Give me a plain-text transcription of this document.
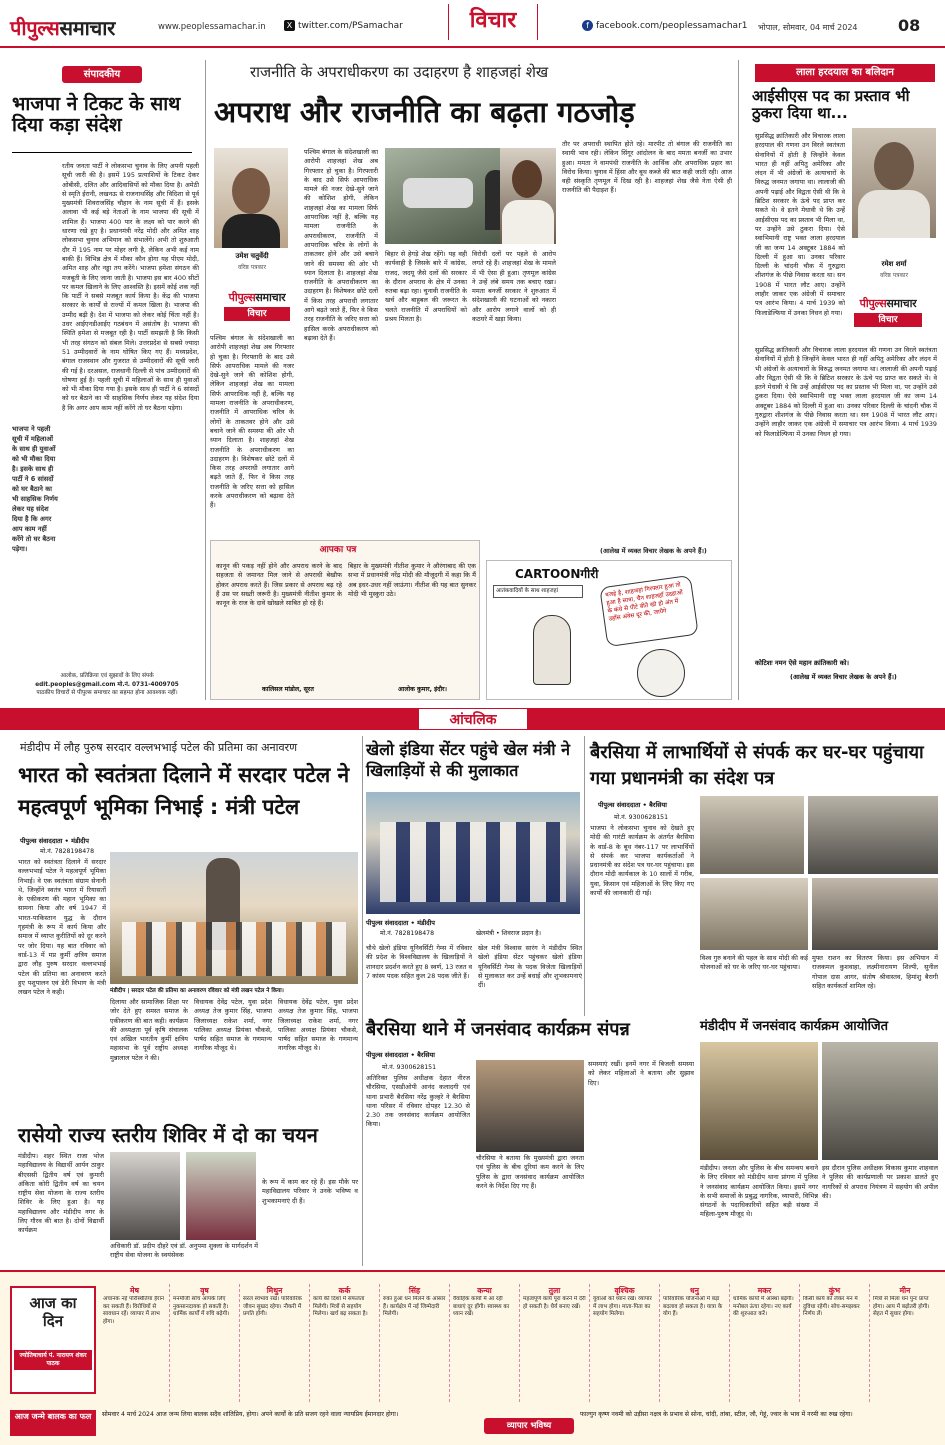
पीपुल्ससमाचार	www.peoplessamachar.in	X twitter.com/PSamachar	विचार	f facebook.com/peoplessamachar1 भोपाल, सोमवार, 04 मार्च 2024	08
संपादकीय
भाजपा ने टिकट के साथ दिया कड़ा संदेश
भाजपा ने पहली सूची में महिलाओं के साथ ही युवाओं को भी मौका दिया है। इसके साथ ही पार्टी ने 6 सांसदों को घर बैठाने का भी साहसिक निर्णय लेकर यह संदेश दिया है कि अगर आप काम नहीं करेंगे तो घर बैठना पड़ेगा।
रतीय जनता पार्टी ने लोकसभा चुनाव के लिए अपनी पहली सूची जारी की है। इसमें 195 प्रत्याशियों के टिकट देकर ओबीसी, दलित और आदिवासियों को मौका दिया है। अमेठी से स्मृति ईरानी, लखनऊ से राजनाथसिंह और विदिशा से पूर्व मुख्यमंत्री शिवराजसिंह चौहान के नाम सूची में हैं। इसके अलावा भी कई बड़े नेताओं के नाम भाजपा की सूची में शामिल हैं। भाजपा 400 पार के लक्ष्य को पार करने की धारणा रखे हुए है। प्रधानमंत्री नरेंद्र मोदी और अमित शाह लोकसभा चुनाव अभियान को संभालेंगे। अभी तो शुरुआती दौर में 195 नाम पर मोहर लगी है, लेकिन अभी कई नाम बाकी हैं। विभिन्न क्षेत्र में मौका कौन होगा यह पीएम मोदी, अमित शाह और नड्डा तय करेंगे। भाजपा हमेशा संगठन की मजबूती के लिए जाना जाती है। भाजपा इस बार 400 सीटों पर कमल खिलाने के लिए आश्वस्ति है। इसमें कोई शक नहीं कि पार्टी ने सबसे मजबूत कार्य किया है। केंद्र की भाजपा सरकार के कार्यों से राज्यों में कमल खिला है। भाजपा की उम्मीद बढ़ी है। देश में भाजपा को लेकर कोई चिंता नहीं है। उधर आईएनडीआईए गठबंधन में असंतोष है। भाजपा की स्थिति हमेशा से मजबूत रही है। पार्टी समझती है कि किसी भी तरह संगठन को संबल मिले। उत्तरप्रदेश से सबसे ज्यादा 51 उम्मीदवारों के नाम घोषित किए गए हैं। मध्यप्रदेश, बंगाल राजस्थान और गुजरात से उम्मीदवारों की सूची जारी की गई है। दरअसल, राजधानी दिल्ली से पांच उम्मीदवारों की घोषणा हुई है। पहली सूची में महिलाओं के साथ ही युवाओं को भी मौका दिया गया है। इसके साथ ही पार्टी ने 6 सांसदों को घर बैठाने का भी साहसिक निर्णय लेकर यह संदेश दिया है कि अगर आप काम नहीं करेंगे तो घर बैठना पड़ेगा।
आलोक, प्रतिक्रिया एवं सुझावों के लिए संपर्क
edit.peoples@gmail.com मो.नं. 0731-4009705
पाठकीय विचारों से पीपुल्स समाचार का सहमत होना आवश्यक नहीं।
राजनीति के अपराधीकरण का उदाहरण है शाहजहां शेख
अपराध और राजनीति का बढ़ता गठजोड़
उमेश चतुर्वेदी
वरिष्ठ पत्रकार
पीपुल्ससमाचार
विचार
पश्चिम बंगाल के संदेशखाली का आरोपी शाहजहां शेख अब गिरफ्तार हो चुका है। गिरफ्तारी के बाद उसे सिर्फ आपराधिक मामले की नजर देखे-सुने जाने की कोशिश होगी, लेकिन शाहजहां शेख का मामला सिर्फ आपराधिक नहीं है, बल्कि यह मामला राजनीति के अपराधीकरण, राजनीति में आपराधिक चरित्र के लोगों के ताकतवर होने और उसे बचाने जाने की समस्या की ओर भी ध्यान दिलाता है। शाहजहां शेख राजनीति के अपराधीकरण का उदाहरण है। विशेषकर छोटे दलों में किस तरह अपराधी लगातार आगे बढ़ते जाते हैं, फिर वे किस तरह राजनीति के जरिए सत्ता को हासिल करके अपराधीकरण को बढ़ावा देते हैं।
बिहार से हेगड़े शेख रहेंगे। यह वही कार्यवाही है जिसके बारे में कांग्रेस, राजद, जदयू जैसे दलों की सरकार के दौरान अपराध के क्षेत्र में उनका रुतबा बढ़ा रहा। चुनावी राजनीति के खर्च और बाहुबल की जरूरत के चलते राजनीति में अपराधियों को प्रश्रय मिलता है।
विरोधी दलों पर पहले से आरोप लगते रहे हैं। शाहजहां शेख के मामले में भी ऐसा ही हुआ। तृणमूल कांग्रेस ने उन्हें लंबे समय तक बचाए रखा। ममता बनर्जी सरकार ने शुरुआत में संदेशखाली की घटनाओं को नकारा और आरोप लगाने वालों को ही कठघरे में खड़ा किया।
पश्चिम बंगाल के संदेशखाली का आरोपी शाहजहां शेख अब गिरफ्तार हो चुका है। गिरफ्तारी के बाद उसे सिर्फ आपराधिक मामले की नजर देखे-सुने जाने की कोशिश होगी, लेकिन शाहजहां शेख का मामला सिर्फ आपराधिक नहीं है, बल्कि यह मामला राजनीति के अपराधीकरण, राजनीति में आपराधिक चरित्र के लोगों के ताकतवर होने और उसे बचाने जाने की समस्या की ओर भी ध्यान दिलाता है। शाहजहां शेख राजनीति के अपराधीकरण का उदाहरण है। विशेषकर छोटे दलों में किस तरह अपराधी लगातार आगे बढ़ते जाते हैं, फिर वे किस तरह राजनीति के जरिए सत्ता को हासिल करके अपराधीकरण को बढ़ावा देते हैं।
तौर पर अपराधी स्थापित होते रहे। मारपीट तो बंगाल की राजनीति का स्थायी भाव रही। लेकिन सिंगूर आंदोलन के बाद ममता बनर्जी का उभार हुआ। ममता ने वामपंथी राजनीति के आर्थिक और अपराधिक प्रहार का विरोध किया। चुनाव में हिंसा और बूथ कब्जे की बात कही जाती रही। आज वही संस्कृति तृणमूल में दिख रही है। शाहजहां शेख जैसे नेता ऐसी ही राजनीति की पैदाइश हैं।
(आलेख में व्यक्त विचार लेखक के अपने हैं।)
आपका पत्र
कानून की पकड़ नहीं होने और अपराध करने के बाद सहजता से जमानत मिल जाने से अपराधी बेखौफ होकर अपराध करते हैं। जिस प्रकार से अपराध बढ़ रहे हैं उस पर सख्ती जरूरी है। मुख्यमंत्री नीतीश कुमार के कानून के राज के दावे खोखले साबित हो रहे हैं।
कालिसल मांडोल, सूरत
बिहार के मुख्यमंत्री नीतीश कुमार ने औरंगाबाद की एक सभा में प्रधानमंत्री नरेंद्र मोदी की मौजूदगी में कहा कि मैं अब इधर-उधर नहीं जाऊंगा। नीतीश की यह बात सुनकर मोदी भी मुस्कुरा उठे।
आलोक कुमार, इंदौर।
CARTOONगीरी
आतंकवादियों के साथ शाहजहां	वजहे है, शाहजहां गिरफ्तार हुआ तो हुआ है सात्रा, चैन शाहजहाँ उदहाओं के कंधे से पीटे बीते खो हो अंत में उहाँस अंवेस दूर की, जायेगे
लाला हरदयाल का बलिदान
आईसीएस पद का प्रस्ताव भी ठुकरा दिया था...
रमेश शर्मा
वरिष्ठ पत्रकार
पीपुल्ससमाचार
विचार
सुप्रसिद्ध क्रांतिकारी और विचारक लाला हरदयाल की गणना उन विरले स्वतंत्रता सेनानियों में होती है जिन्होंने केवल भारत ही नहीं अपितु अमेरिका और लंदन में भी अंग्रेजों के अत्याचारों के विरुद्ध जनमत जगाया था। लालाजी की अपनी पढ़ाई और विद्वता ऐसी थी कि वे ब्रिटिश सरकार के ऊंचे पद प्राप्त कर सकते थे। वे इतने मेधावी थे कि उन्हें आईसीएस पद का प्रस्ताव भी मिला था, पर उन्होंने उसे ठुकरा दिया। ऐसे स्वाभिमानी राष्ट्र भक्त लाला हरदयाल जी का जन्म 14 अक्टूबर 1884 को दिल्ली में हुआ था। उनका परिवार दिल्ली के चांदनी चौक में गुरुद्वारा शीशगंज के पीछे निवास करता था। सन 1908 में भारत लौट आए। उन्होंने लाहौर जाकर एक अंग्रेजी में समाचार पत्र आरंभ किया। 4 मार्च 1939 को फिलाडेल्फिया में उनका निधन हो गया।
सुप्रसिद्ध क्रांतिकारी और विचारक लाला हरदयाल की गणना उन विरले स्वतंत्रता सेनानियों में होती है जिन्होंने केवल भारत ही नहीं अपितु अमेरिका और लंदन में भी अंग्रेजों के अत्याचारों के विरुद्ध जनमत जगाया था। लालाजी की अपनी पढ़ाई और विद्वता ऐसी थी कि वे ब्रिटिश सरकार के ऊंचे पद प्राप्त कर सकते थे। वे इतने मेधावी थे कि उन्हें आईसीएस पद का प्रस्ताव भी मिला था, पर उन्होंने उसे ठुकरा दिया। ऐसे स्वाभिमानी राष्ट्र भक्त लाला हरदयाल जी का जन्म 14 अक्टूबर 1884 को दिल्ली में हुआ था। उनका परिवार दिल्ली के चांदनी चौक में गुरुद्वारा शीशगंज के पीछे निवास करता था। सन 1908 में भारत लौट आए। उन्होंने लाहौर जाकर एक अंग्रेजी में समाचार पत्र आरंभ किया। 4 मार्च 1939 को फिलाडेल्फिया में उनका निधन हो गया।
कोटिशः नमन ऐसे महान क्रांतिकारी को।
(आलेख में व्यक्त विचार लेखक के अपने हैं।)
आंचलिक
मंडीदीप में लौह पुरुष सरदार वल्लभभाई पटेल की प्रतिमा का अनावरण
भारत को स्वतंत्रता दिलाने में सरदार पटेल ने महत्वपूर्ण भूमिका निभाई : मंत्री पटेल
पीपुल्स संवाददाता • मंडीदीप
मो.नं. 7828198478
भारत को स्वतंत्रता दिलाने में सरदार वल्लभभाई पटेल ने महत्वपूर्ण भूमिका निभाई। वे एक स्वतंत्रता संग्राम सेनानी थे, जिन्होंने स्वतंत्र भारत में रियासतों के एकीकरण की महान भूमिका का सामना किया और वर्ष 1947 में भारत-पाकिस्तान युद्ध के दौरान गृहमंत्री के रूप में कार्य किया और समाज में व्याप्त कुरीतियों को दूर करने पर जोर दिया। यह बात रविवार को वार्ड-13 में मप्र कुर्मी क्षत्रिय समाज द्वारा लौह पुरुष सरदार वल्लभभाई पटेल की प्रतिमा का अनावरण करते हुए पशुपालन एवं डेरी विभाग के मंत्री लखन पटेल ने कही।	मंडीदीप | सरदार पटेल की प्रतिमा का अनावरण रविवार को मंत्री लखन पटेल ने किया।
दिलाया और सामाजिक शिक्षा पर जोर देते हुए समस्त समाज के एकीकरण की बात कही। कार्यक्रम की अध्यक्षता पूर्व कृषि संचालक एवं अखिल भारतीय कुर्मी क्षत्रिय महासभा के पूर्व राष्ट्रीय अध्यक्ष मुन्नालाल पटेल ने की।
विधायक देवेंद्र पटेल, युवा प्रदेश अध्यक्ष तेज कुमार सिंह, भाजपा जिलाध्यक्ष राकेश शर्मा, नगर पालिका अध्यक्ष प्रियंका चौकसे, पार्षद सहित समाज के गणमान्य नागरिक मौजूद थे।
विधायक देवेंद्र पटेल, युवा प्रदेश अध्यक्ष तेज कुमार सिंह, भाजपा जिलाध्यक्ष राकेश शर्मा, नगर पालिका अध्यक्ष प्रियंका चौकसे, पार्षद सहित समाज के गणमान्य नागरिक मौजूद थे।
रासेयो राज्य स्तरीय शिविर में दो का चयन
मंडीदीप। शहर स्थित राजा भोज महाविद्यालय के विद्यार्थी आर्यन ठाकुर बीएससी द्वितीय वर्ष एवं कुमारी अंकिता कोरी द्वितीय वर्ष का चयन राष्ट्रीय सेवा योजना के राज्य स्तरीय शिविर के लिए हुआ है। यह महाविद्यालय और मंडीदीप नगर के लिए गौरव की बात है। दोनों विद्यार्थी कार्यक्रम
अधिकारी डॉ. प्रदीप दौहरे एवं डॉ. अनुपमा शुक्ला के मार्गदर्शन में राष्ट्रीय सेवा योजना के स्वयंसेवक
के रूप में काम कर रहे हैं। इस मौके पर महाविद्यालय परिवार ने उनके भविष्य व शुभकामनाएं दी हैं।
खेलो इंडिया सेंटर पहुंचे खेल मंत्री ने खिलाड़ियों से की मुलाकात
पीपुल्स संवाददाता • मंडीदीप
मो.नं. 7828198478	खेलमंत्री • शिवराज प्रदान है।
चौथे खेलो इंडिया यूनिवर्सिटी गेम्स में रविवार की प्रदेश के विश्वविद्यालय के खिलाड़ियों ने शानदार प्रदर्शन करते हुए 8 स्वर्ण, 13 रजत व 7 कांस्य पदक सहित कुल 28 पदक जीते हैं।
खेल मंत्री विश्वास सारंग ने मंडीदीप स्थित खेलो इंडिया सेंटर पहुंचकर खेलो इंडिया यूनिवर्सिटी गेम्स के पदक विजेता खिलाड़ियों से मुलाकात कर उन्हें बधाई और शुभकामनाएं दीं।
बैरसिया थाने में जनसंवाद कार्यक्रम संपन्न
पीपुल्स संवाददाता • बैरसिया
मो.नं. 9300628151
अतिरिक्त पुलिस अधीक्षक देहात नीरज चौरसिया, एसडीओपी आनंद कलादगी एवं थाना प्रभारी बैरसिया नरेंद्र कुल्हरे ने बैरसिया थाना परिसर में रविवार दोपहर 12.30 से 2.30 तक जनसंवाद कार्यक्रम आयोजित किया।
चौरसिया ने बताया कि मुख्यमंत्री द्वारा जनता एवं पुलिस के बीच दूरियां कम करने के लिए पुलिस के द्वारा जनसंवाद कार्यक्रम आयोजित करने के निर्देश दिए गए हैं।
समस्याएं रखीं। इनमें नगर में बिजली समस्या को लेकर महिलाओं ने बताया और सुझाव दिए।
बैरसिया में लाभार्थियों से संपर्क कर घर-घर पहुंचाया गया प्रधानमंत्री का संदेश पत्र
पीपुल्स संवाददाता • बैरसिया
मो.नं. 9300628151
भाजपा ने लोकसभा चुनाव को देखते हुए मोदी की गारंटी कार्यक्रम के अंतर्गत बैरसिया के वार्ड-8 के बूथ नंबर-117 पर लाभार्थियों से संपर्क कर भाजपा कार्यकर्ताओं ने प्रधानमंत्री का संदेश पत्र घर-घर पहुंचाया। इस दौरान मोदी कार्यकाल के 10 सालों में गरीब, युवा, किसान एवं महिलाओं के लिए किए गए कार्यों की जानकारी दी गई।
विश्व गुरु बनाने की पहल के साथ मोदी की कई योजनाओं को घर के जरिए घर-घर पहुंचाया।
मुफ्त राशन का वितरण किया। इस अभियान में राजकमल कुशवाहा, लक्ष्मीनारायण शिल्पी, सुनील गोपाल दास आगर, संतोष श्रीवास्तव, हिमांशु बैरागी सहित कार्यकर्ता शामिल रहे।
मंडीदीप में जनसंवाद कार्यक्रम आयोजित
मंडीदीप। जनता और पुलिस के बीच समन्वय बनाने के लिए रविवार को मंडीदीप थाना प्रांगण में पुलिस ने जनसंवाद कार्यक्रम आयोजित किया। इसमें नगर के सभी समाजों के प्रबुद्ध नागरिक, व्यापारी, विभिन्न संगठनों के पदाधिकारियों सहित बड़ी संख्या में महिला-पुरुष मौजूद थे।
इस दौरान पुलिस अधीक्षक विकास कुमार शाहवाल ने पुलिस की कार्यप्रणाली पर प्रकाश डालते हुए नागरिकों से अपराध नियंत्रण में सहयोग की अपील की।
आज का दिन
ज्योतिषाचार्य पं. नारायण शंकर पाठक
मेष
अचानक नई परिस्थितियां हैरान कर सकती हैं। विरोधियों से सावधान रहें। व्यापार में लाभ होगा।
वृष
मनमौजी सोच आपके लिए नुकसानदायक हो सकती है। धार्मिक कार्यों में रुचि बढ़ेगी।
मिथुन
सरल स्वभाव रखें। पारिवारिक जीवन सुखद रहेगा। नौकरी में प्रगति होगी।
कर्क
कार्य की दिशा में सफलता मिलेगी। मित्रों से सहयोग मिलेगा। खर्च बढ़ सकता है।
सिंह
रुका हुआ धन मिलने के आसार हैं। कार्यक्षेत्र में नई जिम्मेदारी मिलेगी।
कन्या
वैवाहिक कार्यों में आ रही बाधाएं दूर होंगी। स्वास्थ्य का ध्यान रखें।
तुला
महत्वपूर्ण कार्य पूरा करने में देरी हो सकती है। धैर्य बनाए रखें।
वृश्चिक
युवाओं को ध्यान रखें। व्यापार में लाभ होगा। माता-पिता का सहयोग मिलेगा।
धनु
पारिवारिक योजनाओं में बड़ा बदलाव हो सकता है। यात्रा के योग हैं।
मकर
धार्मिक कार्यों में आस्था बढ़ेगी। मनोबल ऊंचा रहेगा। नए कार्य की शुरुआत करें।
कुंभ
किसी कार्य को लेकर मन में दुविधा रहेगी। सोच-समझकर निर्णय लें।
मीन
मित्रों से मिला धन पुनः प्राप्त होगा। आय में बढ़ोतरी होगी। सेहत में सुधार होगा।
आज जन्मे बालक का फल	सोमवार 4 मार्च 2024 आज जन्म लिया बालक सदैव शांतिप्रिय, होगा। अपने कार्यों के प्रति सजग रहने वाला न्यायप्रिय ईमानदार होगा।
व्यापार भविष्य
फाल्गुन कृष्ण नवमी को उड़ीसा नक्षत्र के प्रभाव से सोना, चांदी, तांबा, स्टील, जौ, गेहूं, ज्वार के भाव में नरमी का रुख रहेगा।
